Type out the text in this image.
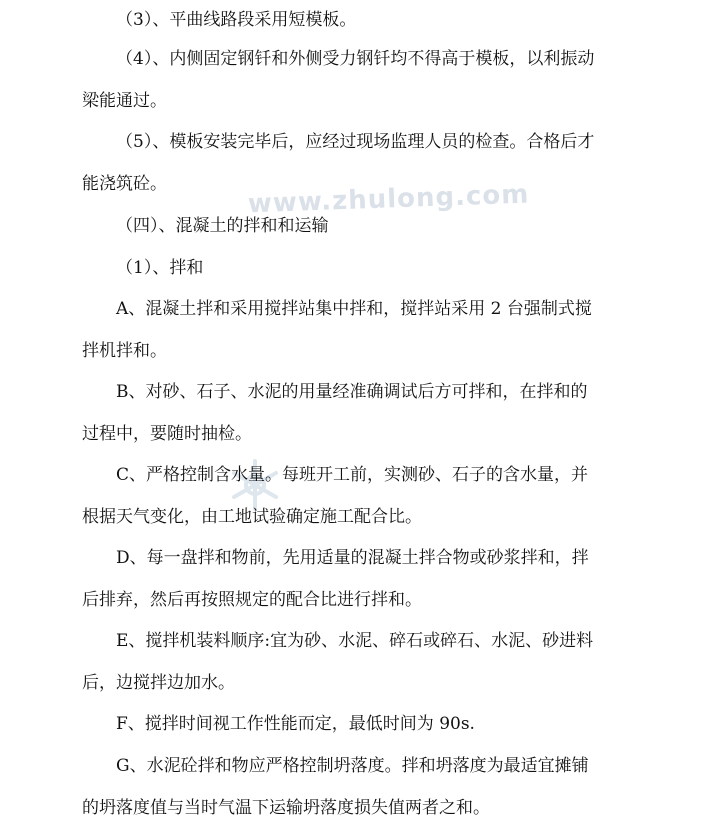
www.zhulong.com
（3）、平曲线路段采用短模板。
（4）、内侧固定钢钎和外侧受力钢钎均不得高于模板，以利振动
梁能通过。
（5）、模板安装完毕后，应经过现场监理人员的检查。合格后才
能浇筑砼。
（四）、混凝土的拌和和运输
（1）、拌和
A、混凝土拌和采用搅拌站集中拌和，搅拌站采用 2 台强制式搅
拌机拌和。
B、对砂、石子、水泥的用量经准确调试后方可拌和，在拌和的
过程中，要随时抽检。
C、严格控制含水量。每班开工前，实测砂、石子的含水量，并
根据天气变化，由工地试验确定施工配合比。
D、每一盘拌和物前，先用适量的混凝土拌合物或砂浆拌和，拌
后排弃，然后再按照规定的配合比进行拌和。
E、搅拌机装料顺序:宜为砂、水泥、碎石或碎石、水泥、砂进料
后，边搅拌边加水。
F、搅拌时间视工作性能而定，最低时间为 90s.
G、水泥砼拌和物应严格控制坍落度。拌和坍落度为最适宜摊铺
的坍落度值与当时气温下运输坍落度损失值两者之和。
